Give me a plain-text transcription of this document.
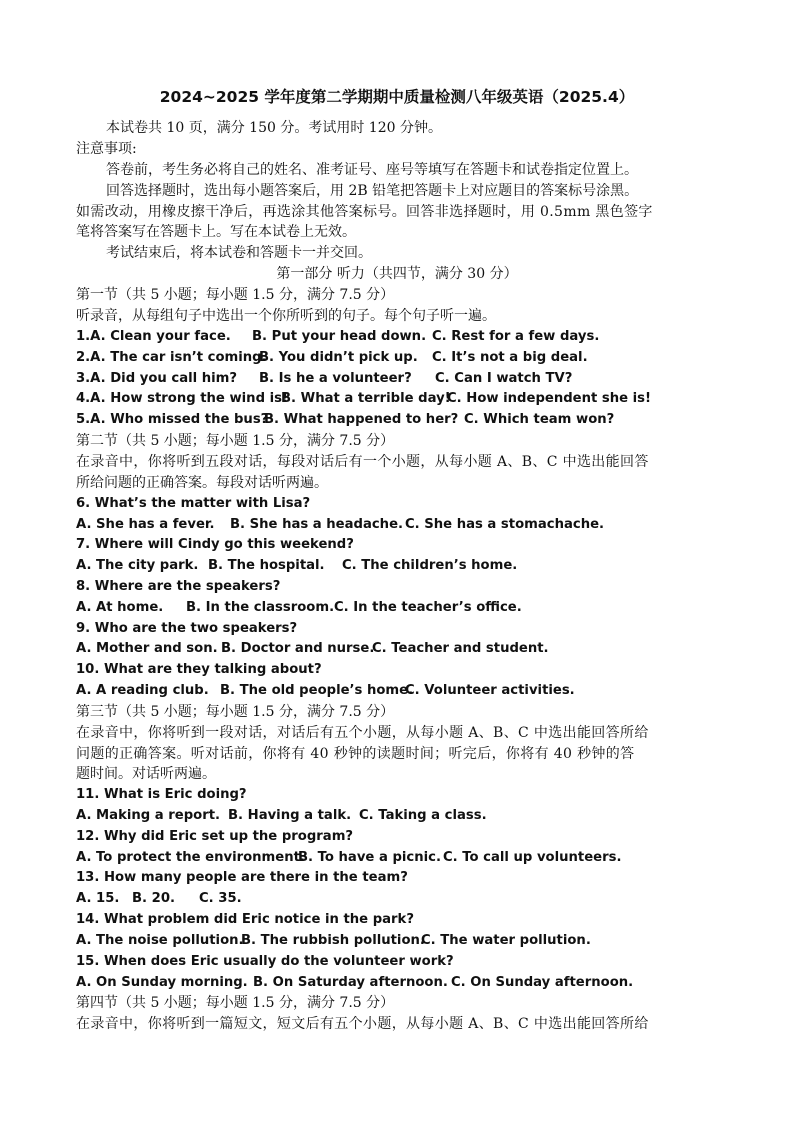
2024~2025 学年度第二学期期中质量检测八年级英语（2025.4）
本试卷共 10 页，满分 150 分。考试用时 120 分钟。
注意事项:
答卷前，考生务必将自己的姓名、准考证号、座号等填写在答题卡和试卷指定位置上。
回答选择题时，选出每小题答案后，用 2B 铅笔把答题卡上对应题目的答案标号涂黑。
如需改动，用橡皮擦干净后，再选涂其他答案标号。回答非选择题时，用 0.5mm 黑色签字
笔将答案写在答题卡上。写在本试卷上无效。
考试结束后，将本试卷和答题卡一并交回。
第一部分 听力（共四节，满分 30 分）
第一节（共 5 小题；每小题 1.5 分，满分 7.5 分）
听录音，从每组句子中选出一个你所听到的句子。每个句子听一遍。
1.A. Clean your face. B. Put your head down. C. Rest for a few days.
2.A. The car isn’t coming.
B. You didn’t pick up. C. It’s not a big deal.
3.A. Did you call him? B. Is he a volunteer? C. Can I watch TV?
4.A. How strong the wind is!
B. What a terrible day!
C. How independent she is!
5.A. Who missed the bus?
B. What happened to her? C. Which team won?
第二节（共 5 小题；每小题 1.5 分，满分 7.5 分）
在录音中，你将听到五段对话，每段对话后有一个小题，从每小题 A、B、C 中选出能回答
所给问题的正确答案。每段对话听两遍。
6. What’s the matter with Lisa?
A. She has a fever. B. She has a headache. C. She has a stomachache.
7. Where will Cindy go this weekend?
A. The city park. B. The hospital. C. The children’s home.
8. Where are the speakers?
A. At home. B. In the classroom. C. In the teacher’s office.
9. Who are the two speakers?
A. Mother and son. B. Doctor and nurse.
C. Teacher and student.
10. What are they talking about?
A. A reading club. B. The old people’s home.
C. Volunteer activities.
第三节（共 5 小题；每小题 1.5 分，满分 7.5 分）
在录音中，你将听到一段对话，对话后有五个小题，从每小题 A、B、C 中选出能回答所给
问题的正确答案。听对话前，你将有 40 秒钟的读题时间；听完后，你将有 40 秒钟的答
题时间。对话听两遍。
11. What is Eric doing?
A. Making a report. B. Having a talk. C. Taking a class.
12. Why did Eric set up the program?
A. To protect the environment.
B. To have a picnic. C. To call up volunteers.
13. How many people are there in the team?
A. 15. B. 20. C. 35.
14. What problem did Eric notice in the park?
A. The noise pollution.
B. The rubbish pollution.
C. The water pollution.
15. When does Eric usually do the volunteer work?
A. On Sunday morning. B. On Saturday afternoon. C. On Sunday afternoon.
第四节（共 5 小题；每小题 1.5 分，满分 7.5 分）
在录音中，你将听到一篇短文，短文后有五个小题，从每小题 A、B、C 中选出能回答所给
